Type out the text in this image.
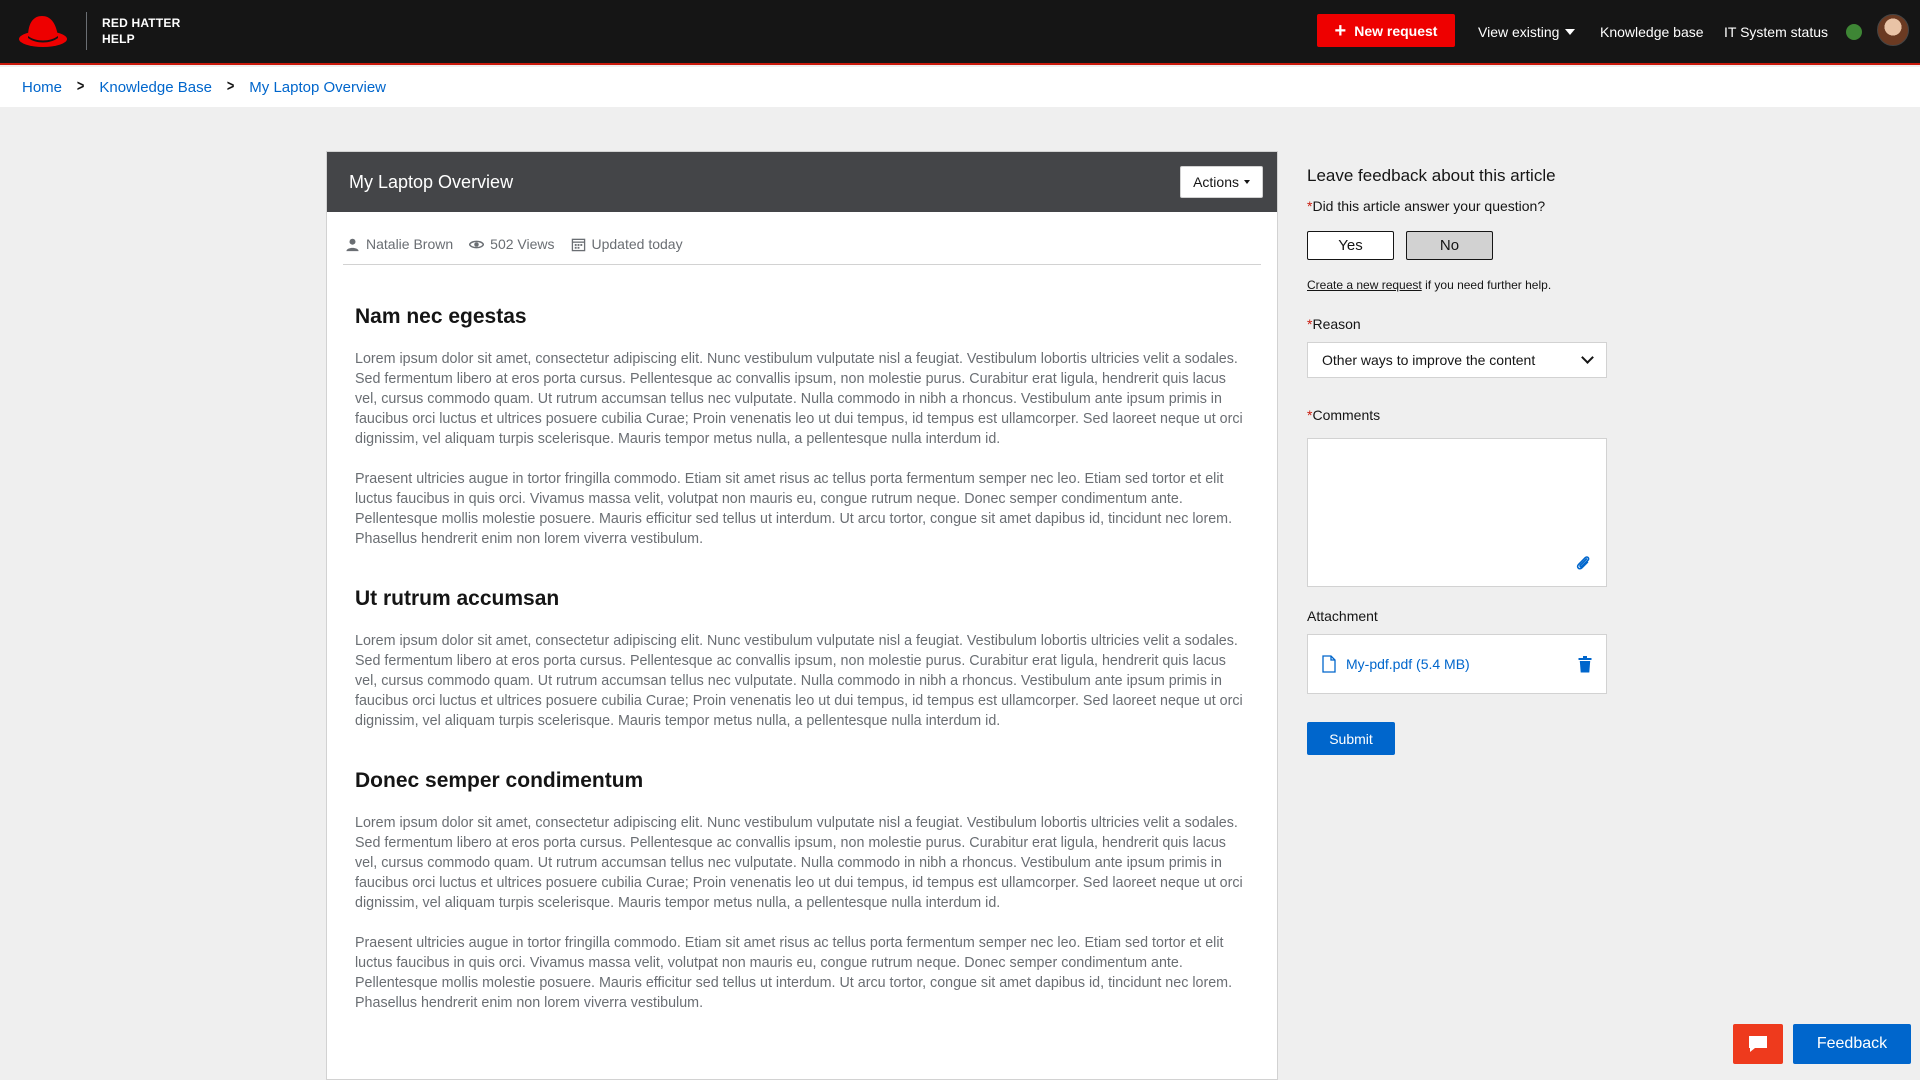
RED HATTER
HELP	+ New request	View existing	Knowledge base IT System status
Home > Knowledge Base > My Laptop Overview
My Laptop Overview	Actions
Natalie Brown	502 Views	Updated today
Nam nec egestas

Lorem ipsum dolor sit amet, consectetur adipiscing elit. Nunc vestibulum vulputate nisl a feugiat. Vestibulum lobortis ultricies velit a sodales. Sed fermentum libero at eros porta cursus. Pellentesque ac convallis ipsum, non molestie purus. Curabitur erat ligula, hendrerit quis lacus vel, cursus commodo quam. Ut rutrum accumsan tellus nec vulputate. Nulla commodo in nibh a rhoncus. Vestibulum ante ipsum primis in faucibus orci luctus et ultrices posuere cubilia Curae; Proin venenatis leo ut dui tempus, id tempus est ullamcorper. Sed laoreet neque ut orci dignissim, vel aliquam turpis scelerisque. Mauris tempor metus nulla, a pellentesque nulla interdum id.

Praesent ultricies augue in tortor fringilla commodo. Etiam sit amet risus ac tellus porta fermentum semper nec leo. Etiam sed tortor et elit luctus faucibus in quis orci. Vivamus massa velit, volutpat non mauris eu, congue rutrum neque. Donec semper condimentum ante. Pellentesque mollis molestie posuere. Mauris efficitur sed tellus ut interdum. Ut arcu tortor, congue sit amet dapibus id, tincidunt nec lorem. Phasellus hendrerit enim non lorem viverra vestibulum.

Ut rutrum accumsan

Lorem ipsum dolor sit amet, consectetur adipiscing elit. Nunc vestibulum vulputate nisl a feugiat. Vestibulum lobortis ultricies velit a sodales. Sed fermentum libero at eros porta cursus. Pellentesque ac convallis ipsum, non molestie purus. Curabitur erat ligula, hendrerit quis lacus vel, cursus commodo quam. Ut rutrum accumsan tellus nec vulputate. Nulla commodo in nibh a rhoncus. Vestibulum ante ipsum primis in faucibus orci luctus et ultrices posuere cubilia Curae; Proin venenatis leo ut dui tempus, id tempus est ullamcorper. Sed laoreet neque ut orci dignissim, vel aliquam turpis scelerisque. Mauris tempor metus nulla, a pellentesque nulla interdum id.

Donec semper condimentum

Lorem ipsum dolor sit amet, consectetur adipiscing elit. Nunc vestibulum vulputate nisl a feugiat. Vestibulum lobortis ultricies velit a sodales. Sed fermentum libero at eros porta cursus. Pellentesque ac convallis ipsum, non molestie purus. Curabitur erat ligula, hendrerit quis lacus vel, cursus commodo quam. Ut rutrum accumsan tellus nec vulputate. Nulla commodo in nibh a rhoncus. Vestibulum ante ipsum primis in faucibus orci luctus et ultrices posuere cubilia Curae; Proin venenatis leo ut dui tempus, id tempus est ullamcorper. Sed laoreet neque ut orci dignissim, vel aliquam turpis scelerisque. Mauris tempor metus nulla, a pellentesque nulla interdum id.

Praesent ultricies augue in tortor fringilla commodo. Etiam sit amet risus ac tellus porta fermentum semper nec leo. Etiam sed tortor et elit luctus faucibus in quis orci. Vivamus massa velit, volutpat non mauris eu, congue rutrum neque. Donec semper condimentum ante. Pellentesque mollis molestie posuere. Mauris efficitur sed tellus ut interdum. Ut arcu tortor, congue sit amet dapibus id, tincidunt nec lorem. Phasellus hendrerit enim non lorem viverra vestibulum.

Leave feedback about this article
*Did this article answer your question?
Yes	No
Create a new request if you need further help.
*Reason
Other ways to improve the content
*Comments
Attachment
My-pdf.pdf (5.4 MB)
Submit
Feedback
